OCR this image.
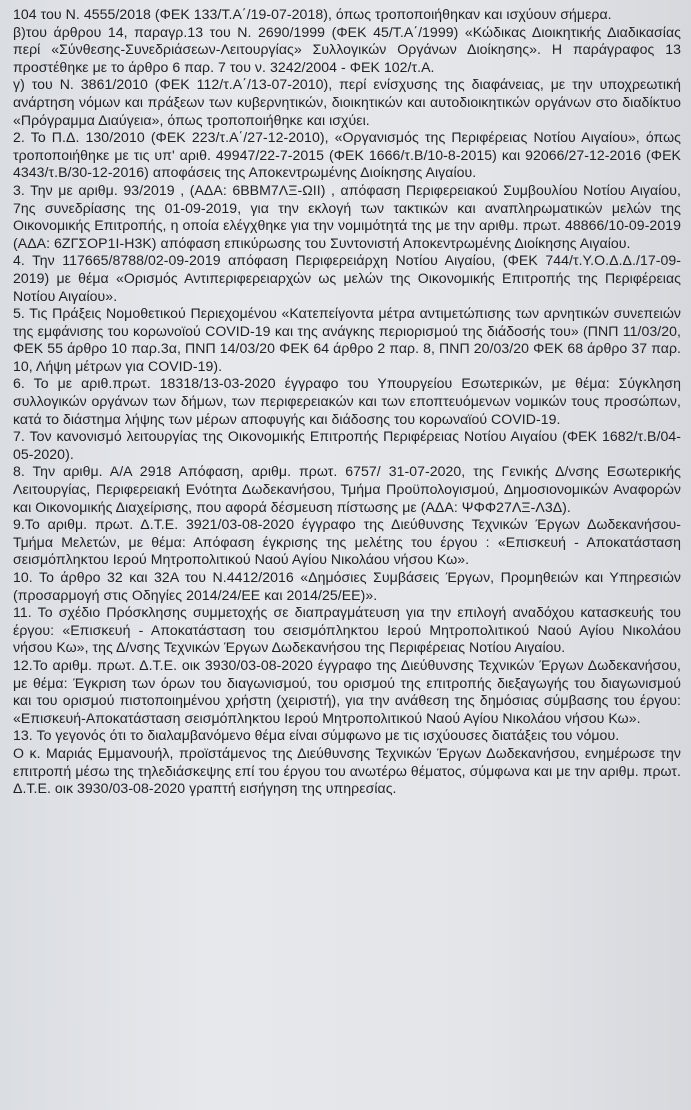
104 του Ν. 4555/2018 (ΦΕΚ 133/Τ.Α΄/19-07-2018), όπως τροποποιήθηκαν και ισχύουν σήμερα.

β)του άρθρου 14, παραγρ.13 του Ν. 2690/1999 (ΦΕΚ 45/Τ.Α΄/1999) «Κώδικας Διοικητικής Διαδικασίας περί «Σύνθεσης-Συνεδριάσεων-Λειτουργίας» Συλλογικών Οργάνων Διοίκησης». Η παράγραφος 13 προστέθηκε με το άρθρο 6 παρ. 7 του ν. 3242/2004 - ΦΕΚ 102/τ.Α.

γ) του Ν. 3861/2010 (ΦΕΚ 112/τ.Α΄/13-07-2010), περί ενίσχυσης της διαφάνειας, με την υποχρεωτική ανάρτηση νόμων και πράξεων των κυβερνητικών, διοικητικών και αυτοδιοικητικών οργάνων στο διαδίκτυο «Πρόγραμμα Διαύγεια», όπως τροποποιήθηκε και ισχύει.

2. Το Π.Δ. 130/2010 (ΦΕΚ 223/τ.Α΄/27-12-2010), «Οργανισμός της Περιφέρειας Νοτίου Αιγαίου», όπως τροποποιήθηκε με τις υπ' αριθ. 49947/22-7-2015 (ΦΕΚ 1666/τ.Β/10-8-2015) και 92066/27-12-2016 (ΦΕΚ 4343/τ.Β/30-12-2016) αποφάσεις της Αποκεντρωμένης Διοίκησης Αιγαίου.

3. Την με αριθμ. 93/2019 , (ΑΔΑ: 6ΒΒΜ7ΛΞ-ΩΙΙ) , απόφαση Περιφερειακού Συμβουλίου Νοτίου Αιγαίου, 7ης συνεδρίασης της 01-09-2019, για την εκλογή των τακτικών και αναπληρωματικών μελών της Οικονομικής Επιτροπής, η οποία ελέγχθηκε για την νομιμότητά της με την αριθμ. πρωτ. 48866/10-09-2019 (ΑΔΑ: 6ΖΓΣΟΡ1Ι-Η3Κ) απόφαση επικύρωσης του Συντονιστή Αποκεντρωμένης Διοίκησης Αιγαίου.

4. Την 117665/8788/02-09-2019 απόφαση Περιφερειάρχη Νοτίου Αιγαίου, (ΦΕΚ 744/τ.Υ.Ο.Δ.Δ./17-09-2019) με θέμα «Ορισμός Αντιπεριφερειαρχών ως μελών της Οικονομικής Επιτροπής της Περιφέρειας Νοτίου Αιγαίου».

5. Τις Πράξεις Νομοθετικού Περιεχομένου «Κατεπείγοντα μέτρα αντιμετώπισης των αρνητικών συνεπειών της εμφάνισης του κορωνοϊού COVID-19 και της ανάγκης περιορισμού της διάδοσής του» (ΠΝΠ 11/03/20, ΦΕΚ 55 άρθρο 10 παρ.3α, ΠΝΠ 14/03/20 ΦΕΚ 64 άρθρο 2 παρ. 8, ΠΝΠ 20/03/20 ΦΕΚ 68 άρθρο 37 παρ. 10, Λήψη μέτρων για COVID-19).

6. Το με αριθ.πρωτ. 18318/13-03-2020 έγγραφο του Υπουργείου Εσωτερικών, με θέμα: Σύγκληση συλλογικών οργάνων των δήμων, των περιφερειακών και των εποπτευόμενων νομικών τους προσώπων, κατά το διάστημα λήψης των μέρων αποφυγής και διάδοσης του κορωναϊού COVID-19.

7. Τον κανονισμό λειτουργίας της Οικονομικής Επιτροπής Περιφέρειας Νοτίου Αιγαίου (ΦΕΚ 1682/τ.Β/04-05-2020).

8. Την αριθμ. Α/Α 2918 Απόφαση, αριθμ. πρωτ. 6757/ 31-07-2020, της Γενικής Δ/νσης Εσωτερικής Λειτουργίας, Περιφερειακή Ενότητα Δωδεκανήσου, Τμήμα Προϋπολογισμού, Δημοσιονομικών Αναφορών και Οικονομικής Διαχείρισης, που αφορά δέσμευση πίστωσης με (ΑΔΑ: ΨΦΦ27ΛΞ-Λ3Δ).

9.Το αριθμ. πρωτ. Δ.Τ.Ε. 3921/03-08-2020 έγγραφο της Διεύθυνσης Τεχνικών Έργων Δωδεκανήσου- Τμήμα Μελετών, με θέμα: Απόφαση έγκρισης της μελέτης του έργου : «Επισκευή - Αποκατάσταση σεισμόπληκτου Ιερού Μητροπολιτικού Ναού Αγίου Νικολάου νήσου Κω».

10. Το άρθρο 32 και 32Α του Ν.4412/2016 «Δημόσιες Συμβάσεις Έργων, Προμηθειών και Υπηρεσιών (προσαρμογή στις Οδηγίες 2014/24/ΕΕ και 2014/25/ΕΕ)».

11. Το σχέδιο Πρόσκλησης συμμετοχής σε διαπραγμάτευση για την επιλογή αναδόχου κατασκευής του έργου: «Επισκευή - Αποκατάσταση του σεισμόπληκτου Ιερού Μητροπολιτικού Ναού Αγίου Νικολάου νήσου Κω», της Δ/νσης Τεχνικών Έργων Δωδεκανήσου της Περιφέρειας Νοτίου Αιγαίου.

12.Το αριθμ. πρωτ. Δ.Τ.Ε. οικ 3930/03-08-2020 έγγραφο της Διεύθυνσης Τεχνικών Έργων Δωδεκανήσου, με θέμα: Έγκριση των όρων του διαγωνισμού, του ορισμού της επιτροπής διεξαγωγής του διαγωνισμού και του ορισμού πιστοποιημένου χρήστη (χειριστή), για την ανάθεση της δημόσιας σύμβασης του έργου: «Επισκευή-Αποκατάσταση σεισμόπληκτου Ιερού Μητροπολιτικού Ναού Αγίου Νικολάου νήσου Κω».

13. Το γεγονός ότι το διαλαμβανόμενο θέμα είναι σύμφωνο με τις ισχύουσες διατάξεις του νόμου.

Ο κ. Μαριάς Εμμανουήλ, προϊστάμενος της Διεύθυνσης Τεχνικών Έργων Δωδεκανήσου, ενημέρωσε την επιτροπή μέσω της τηλεδιάσκεψης επί του έργου του ανωτέρω θέματος, σύμφωνα και με την αριθμ. πρωτ. Δ.Τ.Ε. οικ 3930/03-08-2020 γραπτή εισήγηση της υπηρεσίας.
